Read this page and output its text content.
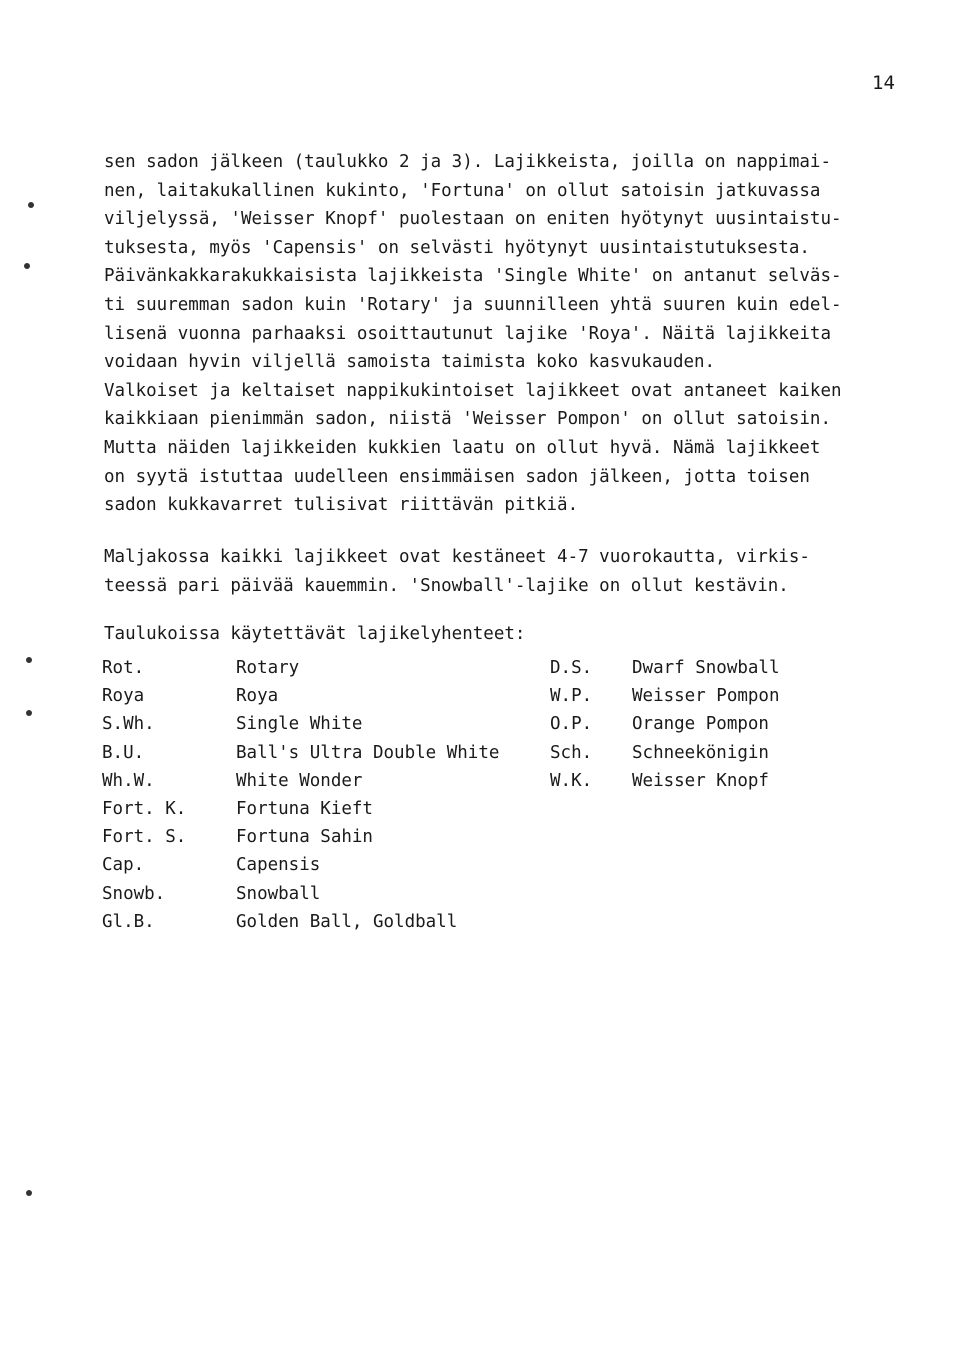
14
sen sadon jälkeen (taulukko 2 ja 3). Lajikkeista, joilla on nappimai-
nen, laitakukallinen kukinto, 'Fortuna' on ollut satoisin jatkuvassa
viljelyssä, 'Weisser Knopf' puolestaan on eniten hyötynyt uusintaistu-
tuksesta, myös 'Capensis' on selvästi hyötynyt uusintaistutuksesta.
Päivänkakkarakukkaisista lajikkeista 'Single White' on antanut selväs-
ti suuremman sadon kuin 'Rotary' ja suunnilleen yhtä suuren kuin edel-
lisenä vuonna parhaaksi osoittautunut lajike 'Roya'. Näitä lajikkeita
voidaan hyvin viljellä samoista taimista koko kasvukauden.
Valkoiset ja keltaiset nappikukintoiset lajikkeet ovat antaneet kaiken
kaikkiaan pienimmän sadon, niistä 'Weisser Pompon' on ollut satoisin.
Mutta näiden lajikkeiden kukkien laatu on ollut hyvä. Nämä lajikkeet
on syytä istuttaa uudelleen ensimmäisen sadon jälkeen, jotta toisen
sadon kukkavarret tulisivat riittävän pitkiä.
Maljakossa kaikki lajikkeet ovat kestäneet 4-7 vuorokautta, virkis-
teessä pari päivää kauemmin. 'Snowball'-lajike on ollut kestävin.
Taulukoissa käytettävät lajikelyhenteet:
Rot.	Rotary	D.S. Dwarf Snowball
Roya	Roya	W.P. Weisser Pompon
S.Wh.	Single White	O.P. Orange Pompon
B.U.	Ball's Ultra Double White	Sch. Schneekönigin
Wh.W.	White Wonder	W.K. Weisser Knopf
Fort. K.	Fortuna Kieft
Fort. S.	Fortuna Sahin
Cap.	Capensis
Snowb.	Snowball
Gl.B.	Golden Ball, Goldball
